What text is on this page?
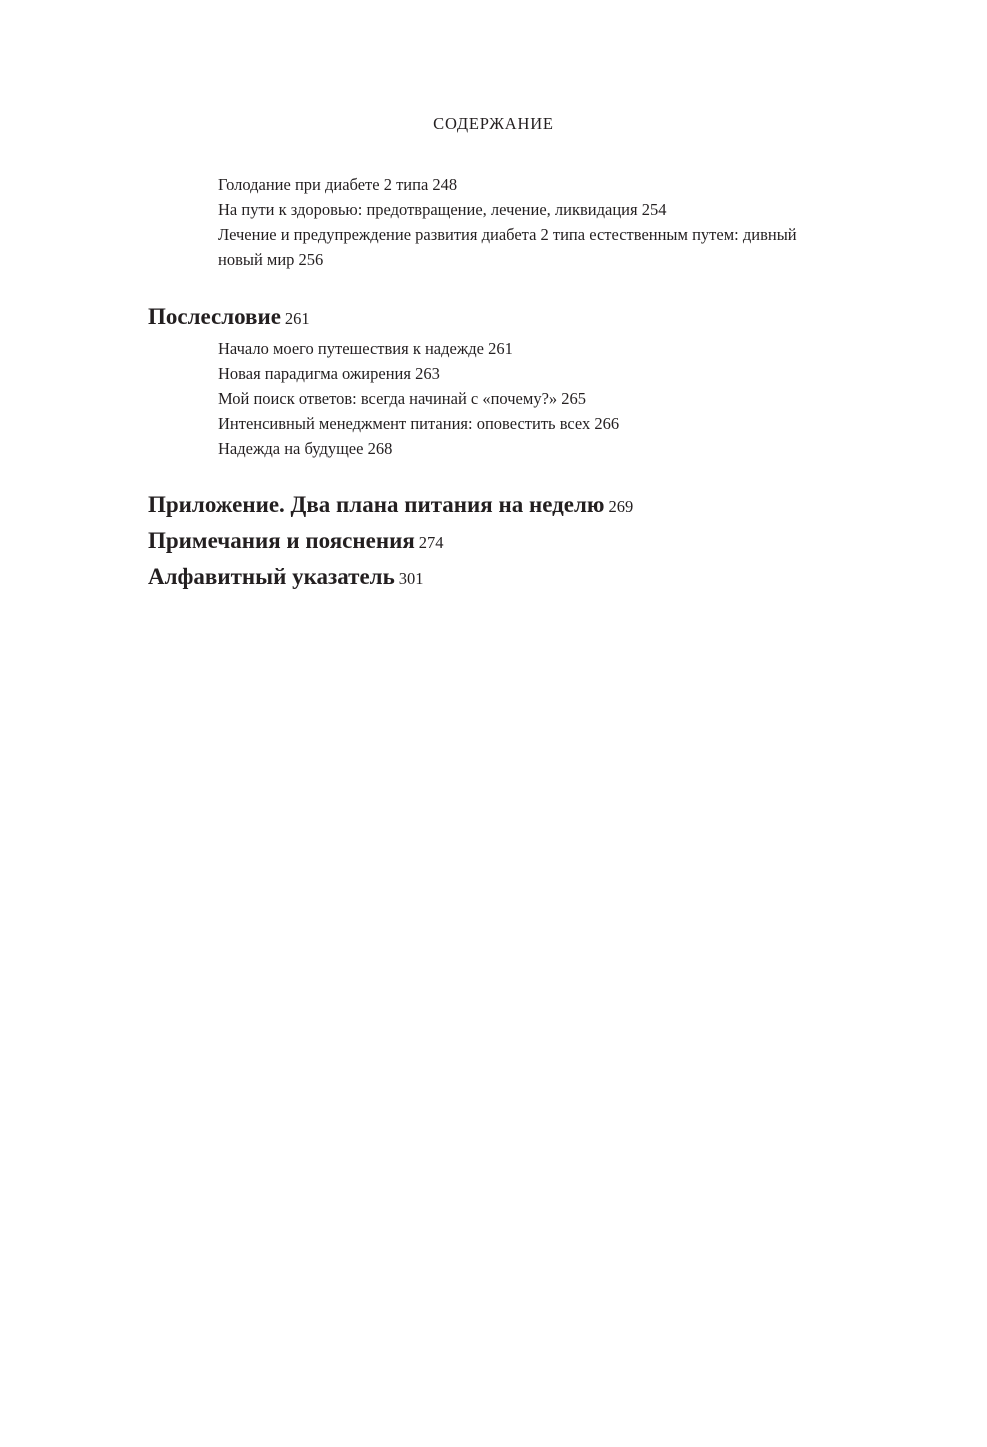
СОДЕРЖАНИЕ
Голодание при диабете 2 типа 248
На пути к здоровью: предотвращение, лечение, ликвидация 254
Лечение и предупреждение развития диабета 2 типа естественным путем: дивный новый мир 256
Послесловие 261
Начало моего путешествия к надежде 261
Новая парадигма ожирения 263
Мой поиск ответов: всегда начинай с «почему?» 265
Интенсивный менеджмент питания: оповестить всех 266
Надежда на будущее 268
Приложение. Два плана питания на неделю 269
Примечания и пояснения 274
Алфавитный указатель 301
